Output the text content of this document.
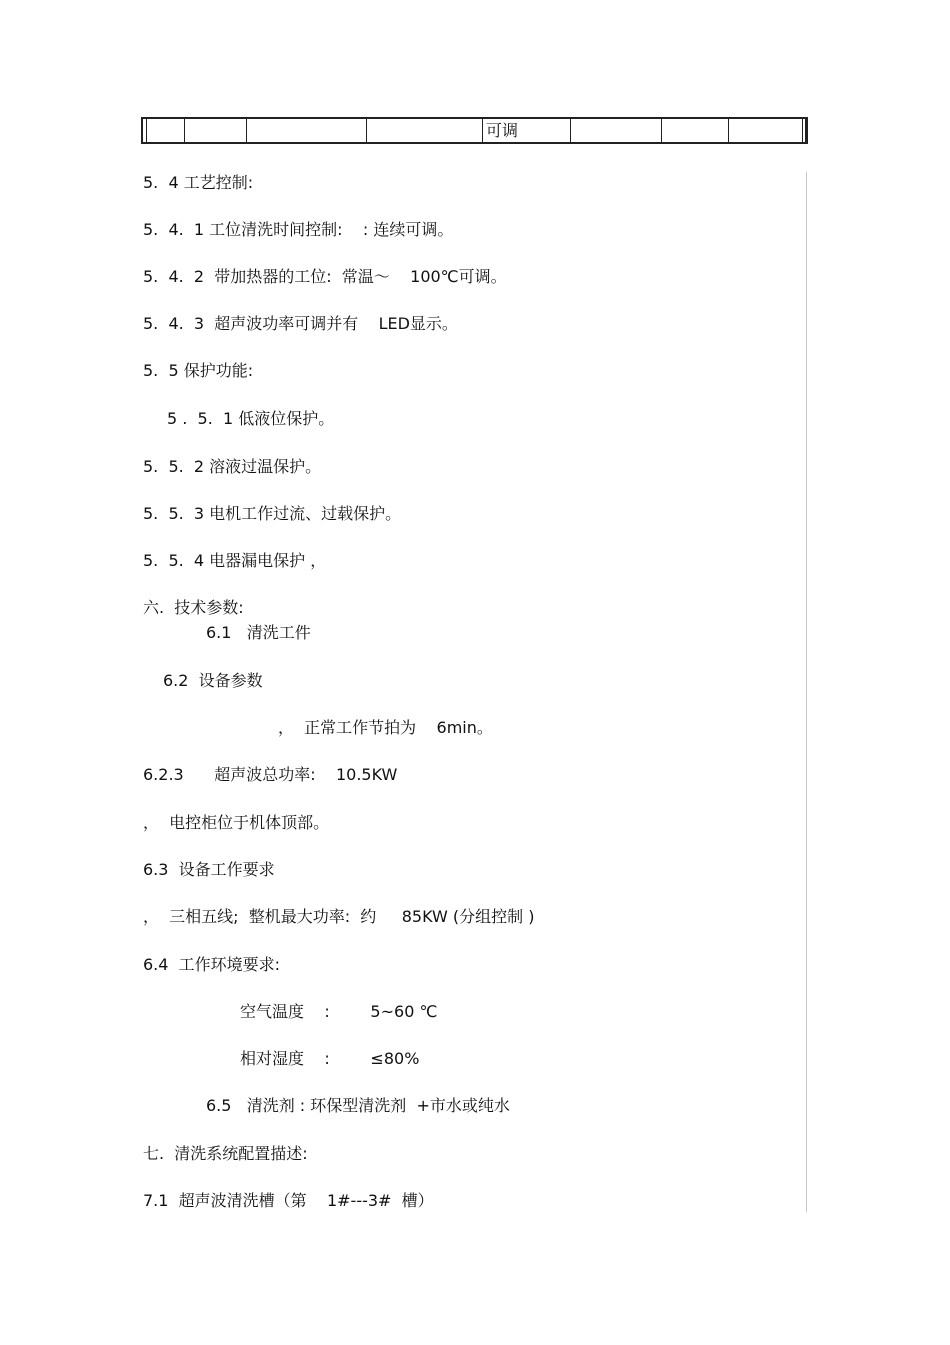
可调
5.  4 工艺控制:
5.  4.  1 工位清洗时间控制:    : 连续可调。
5.  4.  2  带加热器的工位:  常温～    100℃可调。
5.  4.  3  超声波功率可调并有    LED显示。
5.  5 保护功能:
5 .  5.  1 低液位保护。
5.  5.  2 溶液过温保护。
5.  5.  3 电机工作过流、过载保护。
5.  5.  4 电器漏电保护 ，
六.  技术参数:
6.1   清洗工件
6.2  设备参数
，  正常工作节拍为    6min。
6.2.3      超声波总功率:    10.5KW
，  电控柜位于机体顶部。
6.3  设备工作要求
，  三相五线;  整机最大功率:  约     85KW (分组控制 )
6.4  工作环境要求:
空气温度    :        5~60 ℃
相对湿度    :        ≤80%
6.5   清洗剂 : 环保型清洗剂  +市水或纯水
七.  清洗系统配置描述:
7.1  超声波清洗槽（第    1#---3#  槽）
